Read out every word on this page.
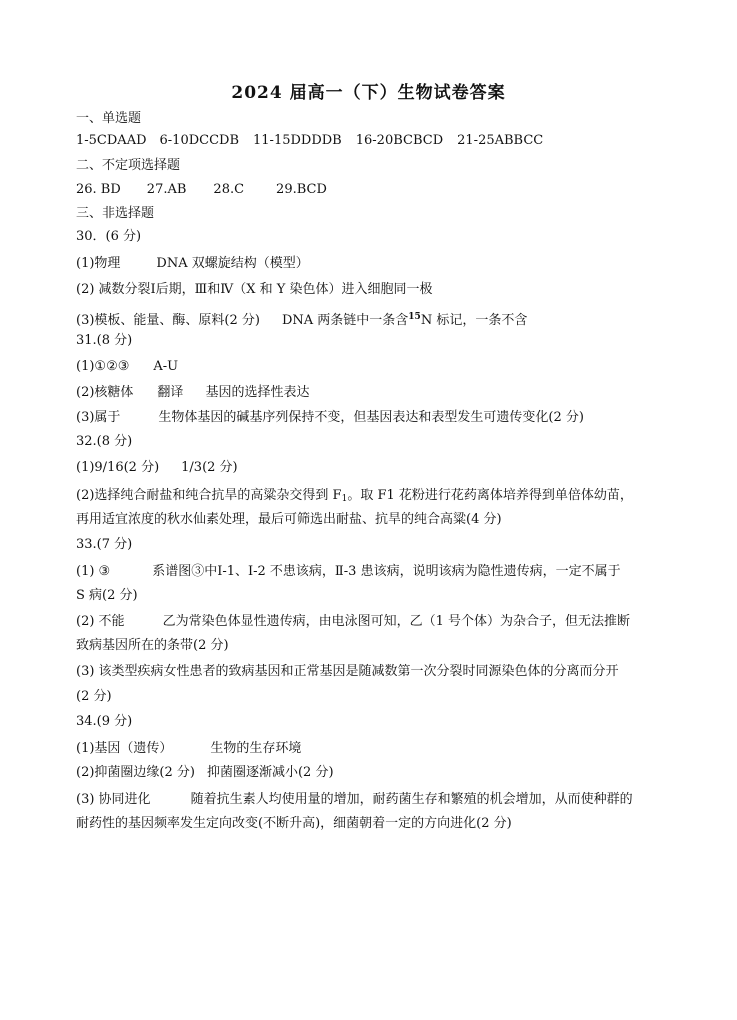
2024 届高一（下）生物试卷答案
一、单选题
1-5CDAAD 6-10DCCDB 11-15DDDDB 16-20BCBCD 21-25ABBCC
二、不定项选择题
26. BD 27.AB 28.C 29.BCD
三、非选择题
30．(6 分)
(1)物理	DNA 双螺旋结构（模型）
(2) 减数分裂Ⅰ后期，Ⅲ和Ⅳ（X 和 Y 染色体）进入细胞同一极
(3)模板、能量、酶、原料(2 分) DNA 两条链中一条含$^{15}$N 标记，一条不含
31.(8 分)
(1)①②③ A-U
(2)核糖体 翻译 基因的选择性表达
(3)属于	生物体基因的碱基序列保持不变，但基因表达和表型发生可遗传变化(2 分)
32.(8 分)
(1)9/16(2 分) 1/3(2 分)
(2)选择纯合耐盐和纯合抗旱的高粱杂交得到 $F_1$。取 F1 花粉进行花药离体培养得到单倍体幼苗，
再用适宜浓度的秋水仙素处理，最后可筛选出耐盐、抗旱的纯合高粱(4 分)
33.(7 分)
(1) ③	系谱图③中Ⅰ-1、Ⅰ-2 不患该病，Ⅱ-3 患该病，说明该病为隐性遗传病，一定不属于
S 病(2 分)
(2) 不能	乙为常染色体显性遗传病，由电泳图可知，乙（1 号个体）为杂合子，但无法推断
致病基因所在的条带(2 分)
(3) 该类型疾病女性患者的致病基因和正常基因是随减数第一次分裂时同源染色体的分离而分开
(2 分)
34.(9 分)
(1)基因（遗传）	生物的生存环境
(2)抑菌圈边缘(2 分) 抑菌圈逐渐减小(2 分)
(3) 协同进化	随着抗生素人均使用量的增加，耐药菌生存和繁殖的机会增加，从而使种群的
耐药性的基因频率发生定向改变(不断升高)，细菌朝着一定的方向进化(2 分)
